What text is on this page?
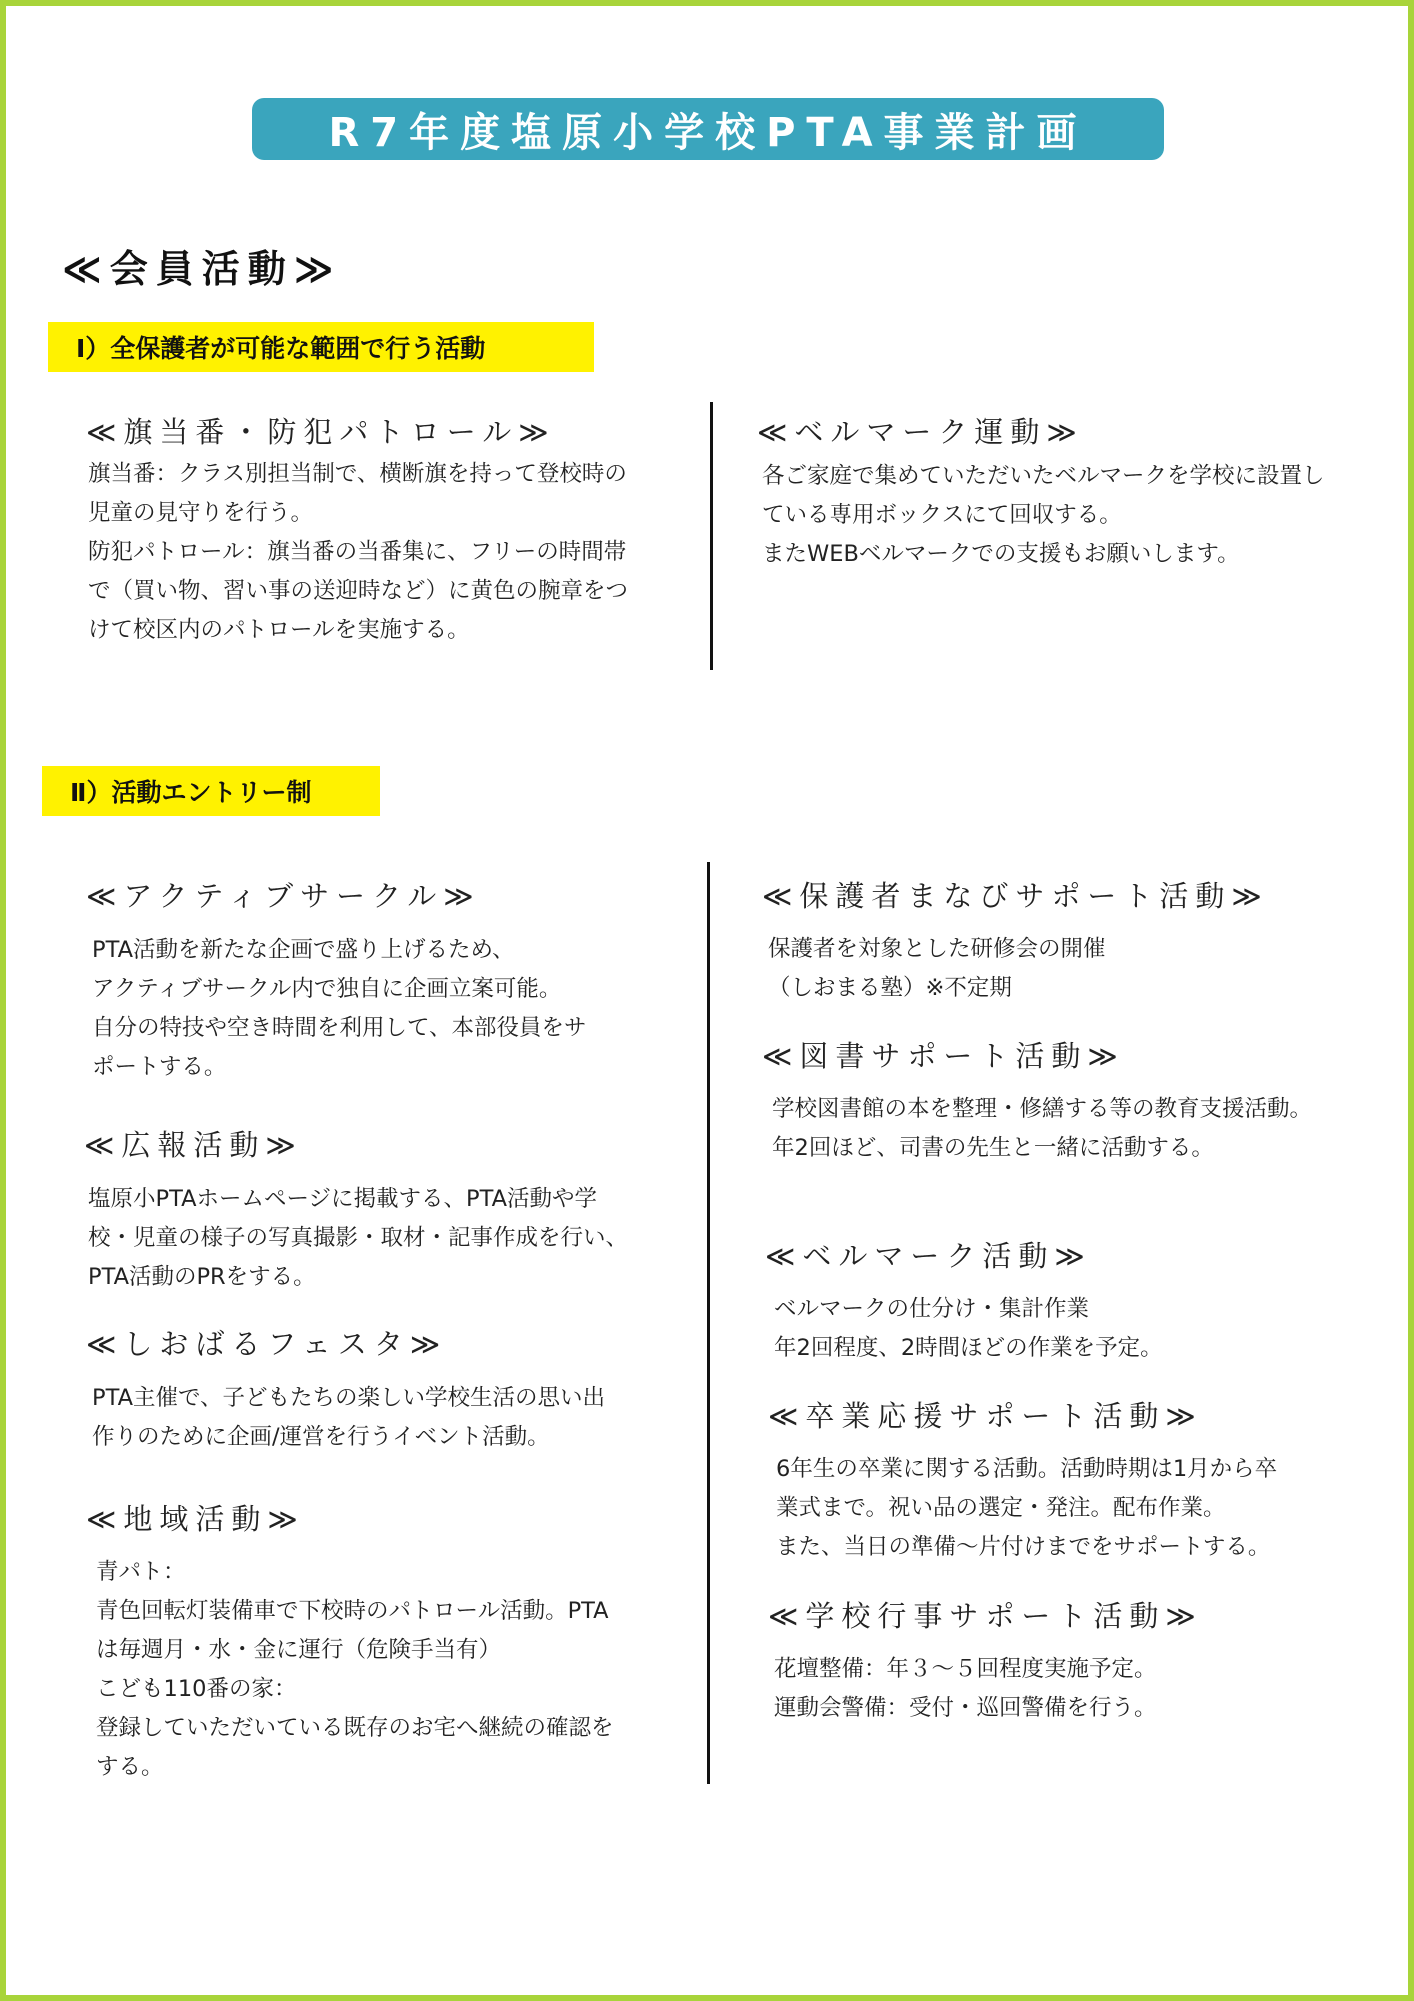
R7年度塩原小学校PTA事業計画
≪会員活動≫
Ⅰ）全保護者が可能な範囲で行う活動
≪旗当番・防犯パトロール≫
旗当番：クラス別担当制で、横断旗を持って登校時の
児童の見守りを行う。
防犯パトロール：旗当番の当番集に、フリーの時間帯
で（買い物、習い事の送迎時など）に黄色の腕章をつ
けて校区内のパトロールを実施する。
≪ベルマーク運動≫
各ご家庭で集めていただいたベルマークを学校に設置し
ている専用ボックスにて回収する。
またWEBベルマークでの支援もお願いします。
Ⅱ）活動エントリー制
≪アクティブサークル≫
PTA活動を新たな企画で盛り上げるため、
アクティブサークル内で独自に企画立案可能。
自分の特技や空き時間を利用して、本部役員をサ
ポートする。
≪広報活動≫
塩原小PTAホームページに掲載する、PTA活動や学
校・児童の様子の写真撮影・取材・記事作成を行い、
PTA活動のPRをする。
≪しおばるフェスタ≫
PTA主催で、子どもたちの楽しい学校生活の思い出
作りのために企画/運営を行うイベント活動。
≪地域活動≫
青パト：
青色回転灯装備車で下校時のパトロール活動。PTA
は毎週月・水・金に運行（危険手当有）
こども110番の家：
登録していただいている既存のお宅へ継続の確認を
する。
≪保護者まなびサポート活動≫
保護者を対象とした研修会の開催
（しおまる塾）※不定期
≪図書サポート活動≫
学校図書館の本を整理・修繕する等の教育支援活動。
年2回ほど、司書の先生と一緒に活動する。
≪ベルマーク活動≫
ベルマークの仕分け・集計作業
年2回程度、2時間ほどの作業を予定。
≪卒業応援サポート活動≫
6年生の卒業に関する活動。活動時期は1月から卒
業式まで。祝い品の選定・発注。配布作業。
また、当日の準備～片付けまでをサポートする。
≪学校行事サポート活動≫
花壇整備：年３～５回程度実施予定。
運動会警備：受付・巡回警備を行う。
